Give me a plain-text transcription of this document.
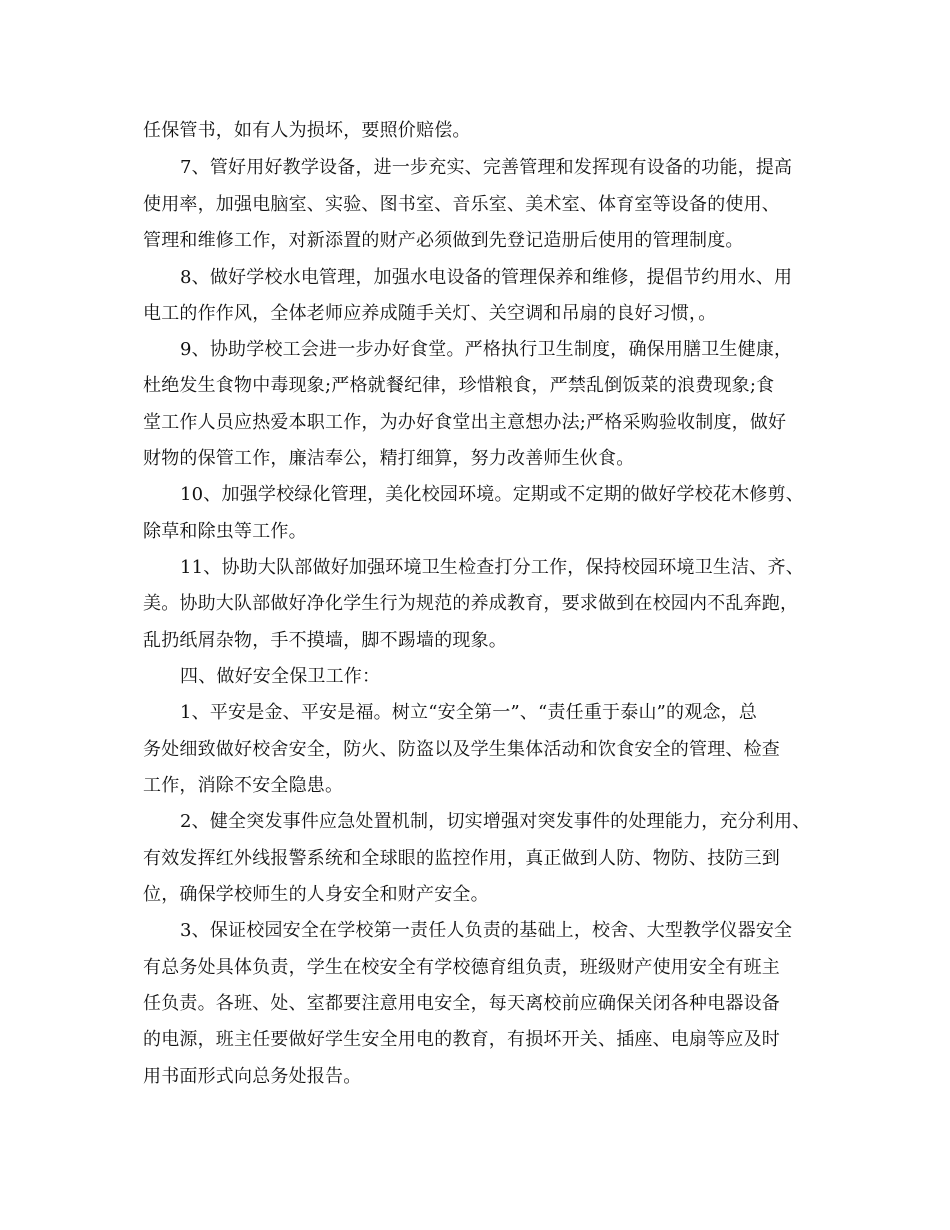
任保管书，如有人为损坏，要照价赔偿。
7、管好用好教学设备，进一步充实、完善管理和发挥现有设备的功能，提高
使用率，加强电脑室、实验、图书室、音乐室、美术室、体育室等设备的使用、
管理和维修工作，对新添置的财产必须做到先登记造册后使用的管理制度。
8、做好学校水电管理，加强水电设备的管理保养和维修，提倡节约用水、用
电工的作作风，全体老师应养成随手关灯、关空调和吊扇的良好习惯，。
9、协助学校工会进一步办好食堂。严格执行卫生制度，确保用膳卫生健康，
杜绝发生食物中毒现象;严格就餐纪律，珍惜粮食，严禁乱倒饭菜的浪费现象;食
堂工作人员应热爱本职工作，为办好食堂出主意想办法;严格采购验收制度，做好
财物的保管工作，廉洁奉公，精打细算，努力改善师生伙食。
10、加强学校绿化管理，美化校园环境。定期或不定期的做好学校花木修剪、
除草和除虫等工作。
11、协助大队部做好加强环境卫生检查打分工作，保持校园环境卫生洁、齐、
美。协助大队部做好净化学生行为规范的养成教育，要求做到在校园内不乱奔跑，
乱扔纸屑杂物，手不摸墙，脚不踢墙的现象。
四、做好安全保卫工作：
1、平安是金、平安是福。树立“安全第一”、“责任重于泰山”的观念，总
务处细致做好校舍安全，防火、防盗以及学生集体活动和饮食安全的管理、检查
工作，消除不安全隐患。
2、健全突发事件应急处置机制，切实增强对突发事件的处理能力，充分利用、
有效发挥红外线报警系统和全球眼的监控作用，真正做到人防、物防、技防三到
位，确保学校师生的人身安全和财产安全。
3、保证校园安全在学校第一责任人负责的基础上，校舍、大型教学仪器安全
有总务处具体负责，学生在校安全有学校德育组负责，班级财产使用安全有班主
任负责。各班、处、室都要注意用电安全，每天离校前应确保关闭各种电器设备
的电源，班主任要做好学生安全用电的教育，有损坏开关、插座、电扇等应及时
用书面形式向总务处报告。
